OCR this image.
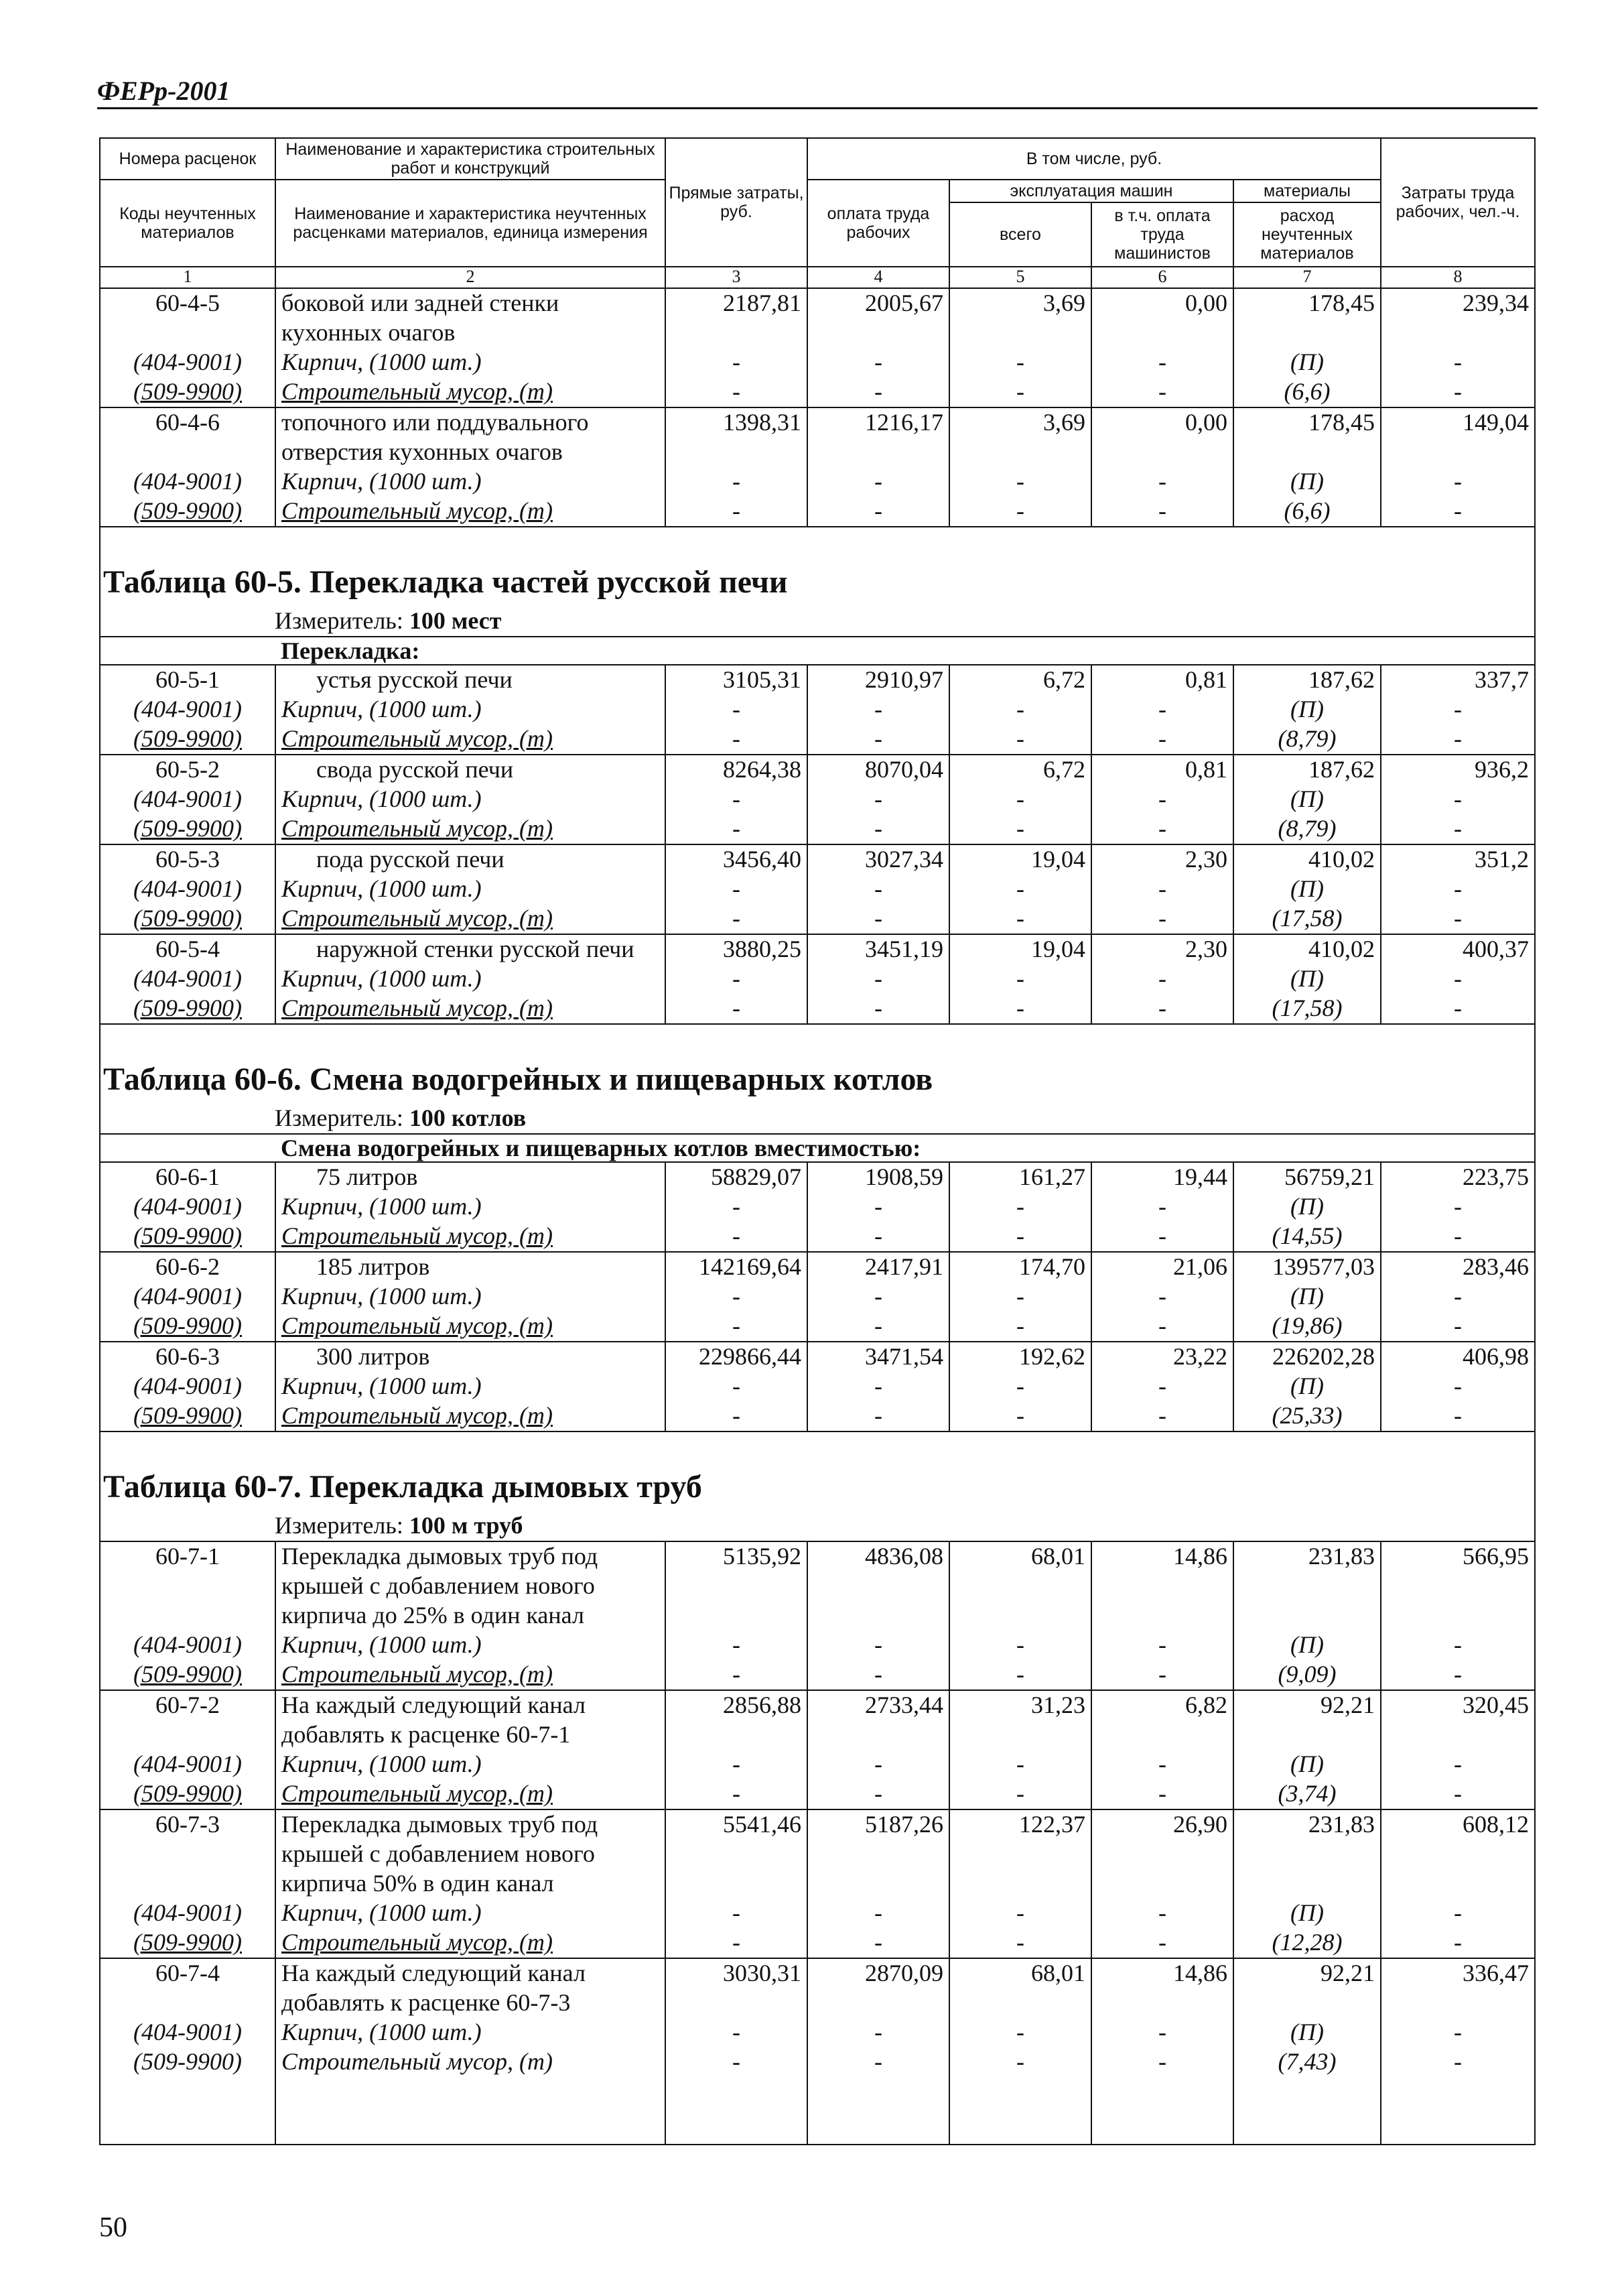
ФЕРр-2001
Номера расценок	Наименование и характеристика строительных работ и конструкций	Прямые затраты, руб.	В том числе, руб.				Затраты труда рабочих, чел.-ч.
Коды неучтенных материалов	Наименование и характеристика неучтенных расценками материалов, единица измерения		оплата труда рабочих	эксплуатация машин		материалы	
				всего	в т.ч. оплата труда машинистов	расход неучтенных материалов	
1	2	3	4	5	6	7	8
60-4-5	боковой или задней стенки	2187,81	2005,67	3,69	0,00	178,45	239,34
	кухонных очагов						
(404-9001)	Кирпич, (1000 шт.)	-	-	-	-	(П)	-
(509-9900)	Строительный мусор, (т)	-	-	-	-	(6,6)	-
60-4-6	топочного или поддувального	1398,31	1216,17	3,69	0,00	178,45	149,04
	отверстия кухонных очагов						
(404-9001)	Кирпич, (1000 шт.)	-	-	-	-	(П)	-
(509-9900)	Строительный мусор, (т)	-	-	-	-	(6,6)	-
Таблица 60-5. Перекладка частей русской печи							
Измеритель: 100 мест							
	Перекладка:						
60-5-1	устья русской печи	3105,31	2910,97	6,72	0,81	187,62	337,7
(404-9001)	Кирпич, (1000 шт.)	-	-	-	-	(П)	-
(509-9900)	Строительный мусор, (т)	-	-	-	-	(8,79)	-
60-5-2	свода русской печи	8264,38	8070,04	6,72	0,81	187,62	936,2
(404-9001)	Кирпич, (1000 шт.)	-	-	-	-	(П)	-
(509-9900)	Строительный мусор, (т)	-	-	-	-	(8,79)	-
60-5-3	пода русской печи	3456,40	3027,34	19,04	2,30	410,02	351,2
(404-9001)	Кирпич, (1000 шт.)	-	-	-	-	(П)	-
(509-9900)	Строительный мусор, (т)	-	-	-	-	(17,58)	-
60-5-4	наружной стенки русской печи	3880,25	3451,19	19,04	2,30	410,02	400,37
(404-9001)	Кирпич, (1000 шт.)	-	-	-	-	(П)	-
(509-9900)	Строительный мусор, (т)	-	-	-	-	(17,58)	-
Таблица 60-6. Смена водогрейных и пищеварных котлов							
Измеритель: 100 котлов							
	Смена водогрейных и пищеварных котлов вместимостью:						
60-6-1	75 литров	58829,07	1908,59	161,27	19,44	56759,21	223,75
(404-9001)	Кирпич, (1000 шт.)	-	-	-	-	(П)	-
(509-9900)	Строительный мусор, (т)	-	-	-	-	(14,55)	-
60-6-2	185 литров	142169,64	2417,91	174,70	21,06	139577,03	283,46
(404-9001)	Кирпич, (1000 шт.)	-	-	-	-	(П)	-
(509-9900)	Строительный мусор, (т)	-	-	-	-	(19,86)	-
60-6-3	300 литров	229866,44	3471,54	192,62	23,22	226202,28	406,98
(404-9001)	Кирпич, (1000 шт.)	-	-	-	-	(П)	-
(509-9900)	Строительный мусор, (т)	-	-	-	-	(25,33)	-
Таблица 60-7. Перекладка дымовых труб							
Измеритель: 100 м труб							
60-7-1	Перекладка дымовых труб под	5135,92	4836,08	68,01	14,86	231,83	566,95
	крышей с добавлением нового						
	кирпича до 25% в один канал						
(404-9001)	Кирпич, (1000 шт.)	-	-	-	-	(П)	-
(509-9900)	Строительный мусор, (т)	-	-	-	-	(9,09)	-
60-7-2	На каждый следующий канал	2856,88	2733,44	31,23	6,82	92,21	320,45
	добавлять к расценке 60-7-1						
(404-9001)	Кирпич, (1000 шт.)	-	-	-	-	(П)	-
(509-9900)	Строительный мусор, (т)	-	-	-	-	(3,74)	-
60-7-3	Перекладка дымовых труб под	5541,46	5187,26	122,37	26,90	231,83	608,12
	крышей с добавлением нового						
	кирпича 50% в один канал						
(404-9001)	Кирпич, (1000 шт.)	-	-	-	-	(П)	-
(509-9900)	Строительный мусор, (т)	-	-	-	-	(12,28)	-
60-7-4	На каждый следующий канал	3030,31	2870,09	68,01	14,86	92,21	336,47
	добавлять к расценке 60-7-3						
(404-9001)	Кирпич, (1000 шт.)	-	-	-	-	(П)	-
(509-9900)	Строительный мусор, (т)	-	-	-	-	(7,43)	-

50
